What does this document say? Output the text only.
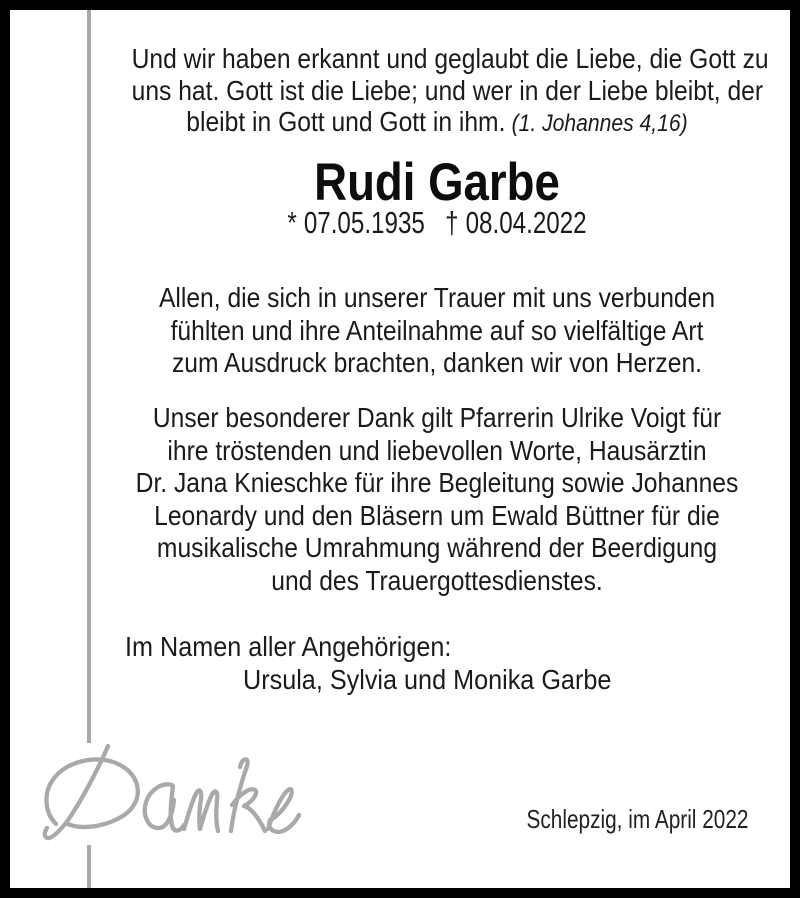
Und wir haben erkannt und geglaubt die Liebe, die Gott zu
uns hat. Gott ist die Liebe; und wer in der Liebe bleibt, der
bleibt in Gott und Gott in ihm. (1. Johannes 4,16)
Rudi Garbe
* 07.05.1935 † 08.04.2022
Allen, die sich in unserer Trauer mit uns verbunden
fühlten und ihre Anteilnahme auf so vielfältige Art
zum Ausdruck brachten, danken wir von Herzen.
Unser besonderer Dank gilt Pfarrerin Ulrike Voigt für
ihre tröstenden und liebevollen Worte, Hausärztin
Dr. Jana Knieschke für ihre Begleitung sowie Johannes
Leonardy und den Bläsern um Ewald Büttner für die
musikalische Umrahmung während der Beerdigung
und des Trauergottesdienstes.
Im Namen aller Angehörigen:
Ursula, Sylvia und Monika Garbe
Schlepzig, im April 2022
